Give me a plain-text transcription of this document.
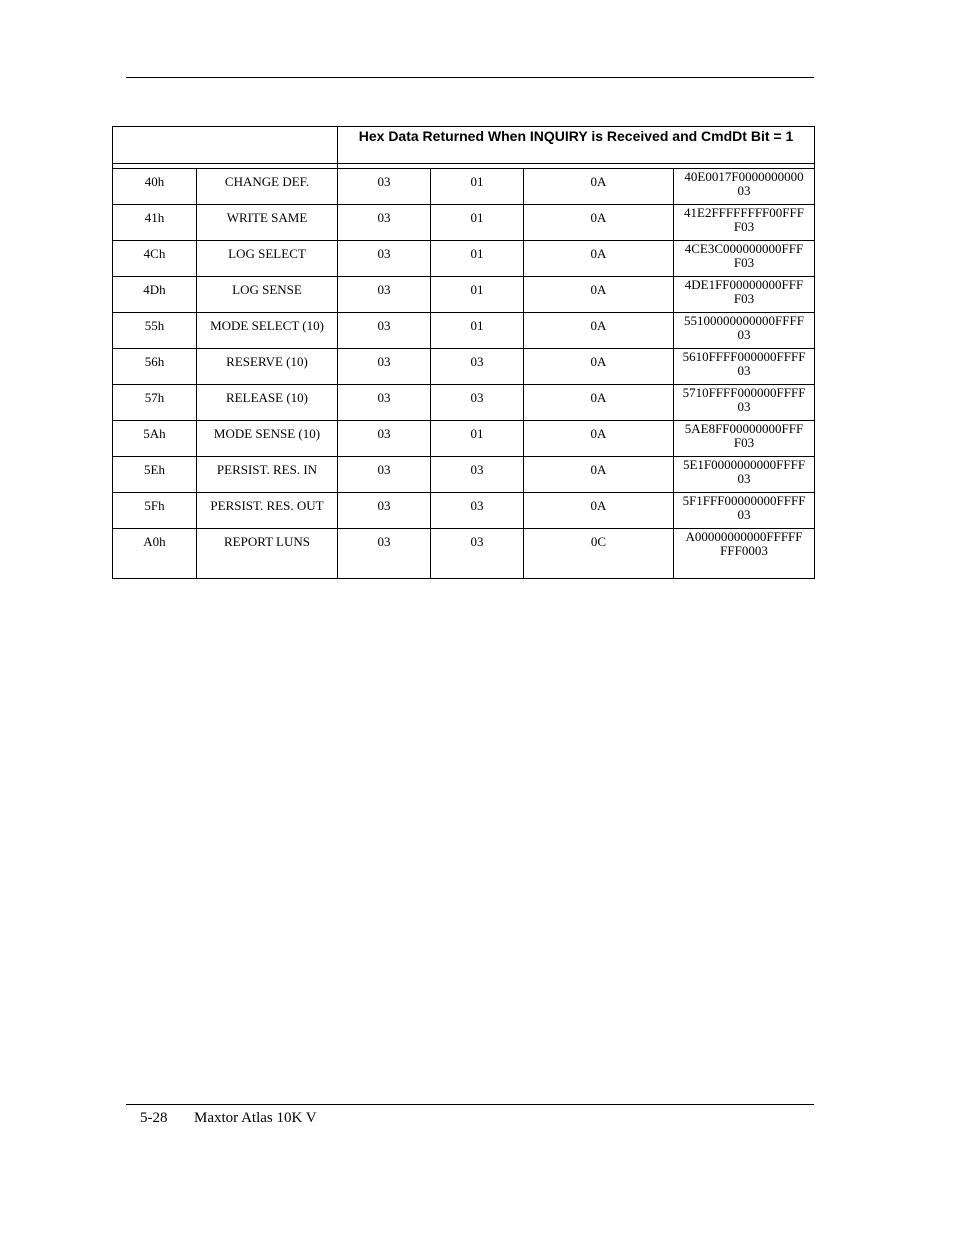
		Hex Data Returned When INQUIRY is Received and CmdDt Bit = 1			

40h	CHANGE DEF.	03	01	0A	40E0017F000000000003
41h	WRITE SAME	03	01	0A	41E2FFFFFFFF00FFFF03
4Ch	LOG SELECT	03	01	0A	4CE3C000000000FFFF03
4Dh	LOG SENSE	03	01	0A	4DE1FF00000000FFFF03
55h	MODE SELECT (10)	03	01	0A	55100000000000FFFF03
56h	RESERVE (10)	03	03	0A	5610FFFF000000FFFF03
57h	RELEASE (10)	03	03	0A	5710FFFF000000FFFF03
5Ah	MODE SENSE (10)	03	01	0A	5AE8FF00000000FFFF03
5Eh	PERSIST. RES. IN	03	03	0A	5E1F0000000000FFFF03
5Fh	PERSIST. RES. OUT	03	03	0A	5F1FFF00000000FFFF03
A0h	REPORT LUNS	03	03	0C	A00000000000FFFFFFFF0003
5-28 Maxtor Atlas 10K V
